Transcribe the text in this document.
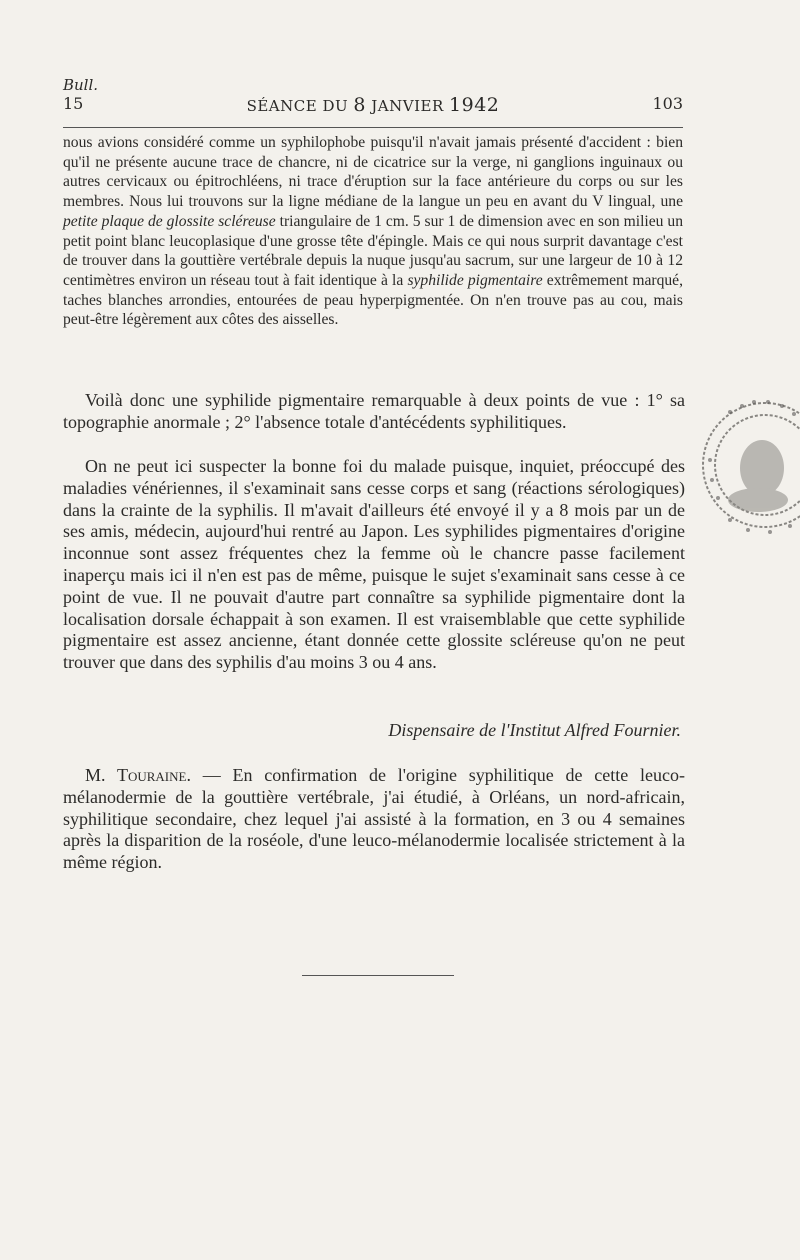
Bull.
15	SÉANCE DU 8 JANVIER 1942	103

nous avions considéré comme un syphilophobe puisqu'il n'avait jamais présenté d'accident : bien qu'il ne présente aucune trace de chancre, ni de cicatrice sur la verge, ni ganglions inguinaux ou autres cervicaux ou épitrochléens, ni trace d'éruption sur la face antérieure du corps ou sur les membres. Nous lui trouvons sur la ligne médiane de la langue un peu en avant du V lingual, une petite plaque de glossite scléreuse triangulaire de 1 cm. 5 sur 1 de dimension avec en son milieu un petit point blanc leucoplasique d'une grosse tête d'épingle. Mais ce qui nous surprit davantage c'est de trouver dans la gouttière vertébrale depuis la nuque jusqu'au sacrum, sur une largeur de 10 à 12 centimètres environ un réseau tout à fait identique à la syphilide pigmentaire extrêmement marqué, taches blanches arrondies, entourées de peau hyperpigmentée. On n'en trouve pas au cou, mais peut-être légèrement aux côtes des aisselles.

Voilà donc une syphilide pigmentaire remarquable à deux points de vue : 1° sa topographie anormale ; 2° l'absence totale d'antécédents syphilitiques.

On ne peut ici suspecter la bonne foi du malade puisque, inquiet, préoccupé des maladies vénériennes, il s'examinait sans cesse corps et sang (réactions sérologiques) dans la crainte de la syphilis. Il m'avait d'ailleurs été envoyé il y a 8 mois par un de ses amis, médecin, aujourd'hui rentré au Japon. Les syphilides pigmentaires d'origine inconnue sont assez fréquentes chez la femme où le chancre passe facilement inaperçu mais ici il n'en est pas de même, puisque le sujet s'examinait sans cesse à ce point de vue. Il ne pouvait d'autre part connaître sa syphilide pigmentaire dont la localisation dorsale échappait à son examen. Il est vraisemblable que cette syphilide pigmentaire est assez ancienne, étant donnée cette glossite scléreuse qu'on ne peut trouver que dans des syphilis d'au moins 3 ou 4 ans.

Dispensaire de l'Institut Alfred Fournier.

M. Touraine. — En confirmation de l'origine syphilitique de cette leuco-mélanodermie de la gouttière vertébrale, j'ai étudié, à Orléans, un nord-africain, syphilitique secondaire, chez lequel j'ai assisté à la formation, en 3 ou 4 semaines après la disparition de la roséole, d'une leuco-mélanodermie localisée strictement à la même région.
